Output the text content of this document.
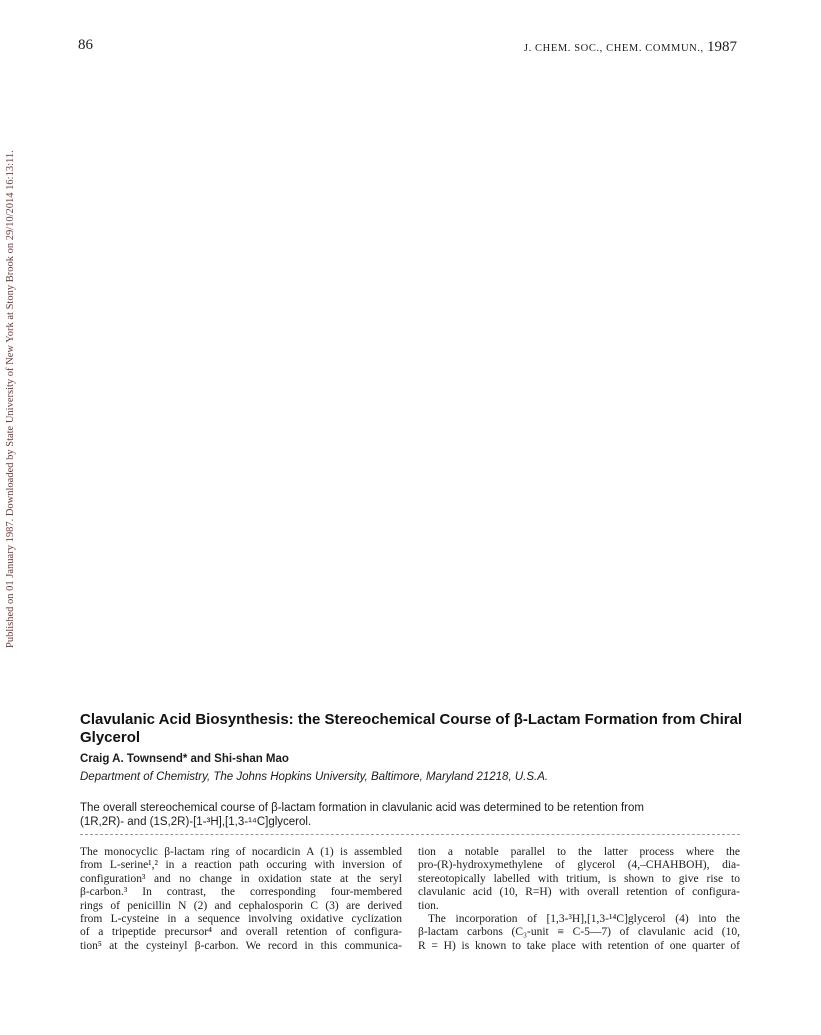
86	J. CHEM. SOC., CHEM. COMMUN., 1987
Published on 01 January 1987. Downloaded by State University of New York at Stony Brook on 29/10/2014 16:13:11.
Clavulanic Acid Biosynthesis: the Stereochemical Course of β-Lactam Formation from Chiral Glycerol
Craig A. Townsend* and Shi-shan Mao
Department of Chemistry, The Johns Hopkins University, Baltimore, Maryland 21218, U.S.A.
The overall stereochemical course of β-lactam formation in clavulanic acid was determined to be retention from
(1R,2R)- and (1S,2R)-[1-³H],[1,3-¹⁴C]glycerol.

The monocyclic β-lactam ring of nocardicin A (1) is assembled

from L-serine¹,² in a reaction path occuring with inversion of

configuration³ and no change in oxidation state at the seryl

β-carbon.³ In contrast, the corresponding four-membered

rings of penicillin N (2) and cephalosporin C (3) are derived

from L-cysteine in a sequence involving oxidative cyclization

of a tripeptide precursor⁴ and overall retention of configura-

tion⁵ at the cysteinyl β-carbon. We record in this communica-

tion a notable parallel to the latter process where the

pro-(R)-hydroxymethylene of glycerol (4,–CHAHBOH), dia-

stereotopically labelled with tritium, is shown to give rise to

clavulanic acid (10, R=H) with overall retention of configura-

tion.

The incorporation of [1,3-³H],[1,3-¹⁴C]glycerol (4) into the

β-lactam carbons (C₃-unit ≡ C-5—7) of clavulanic acid (10,

R = H) is known to take place with retention of one quarter of
